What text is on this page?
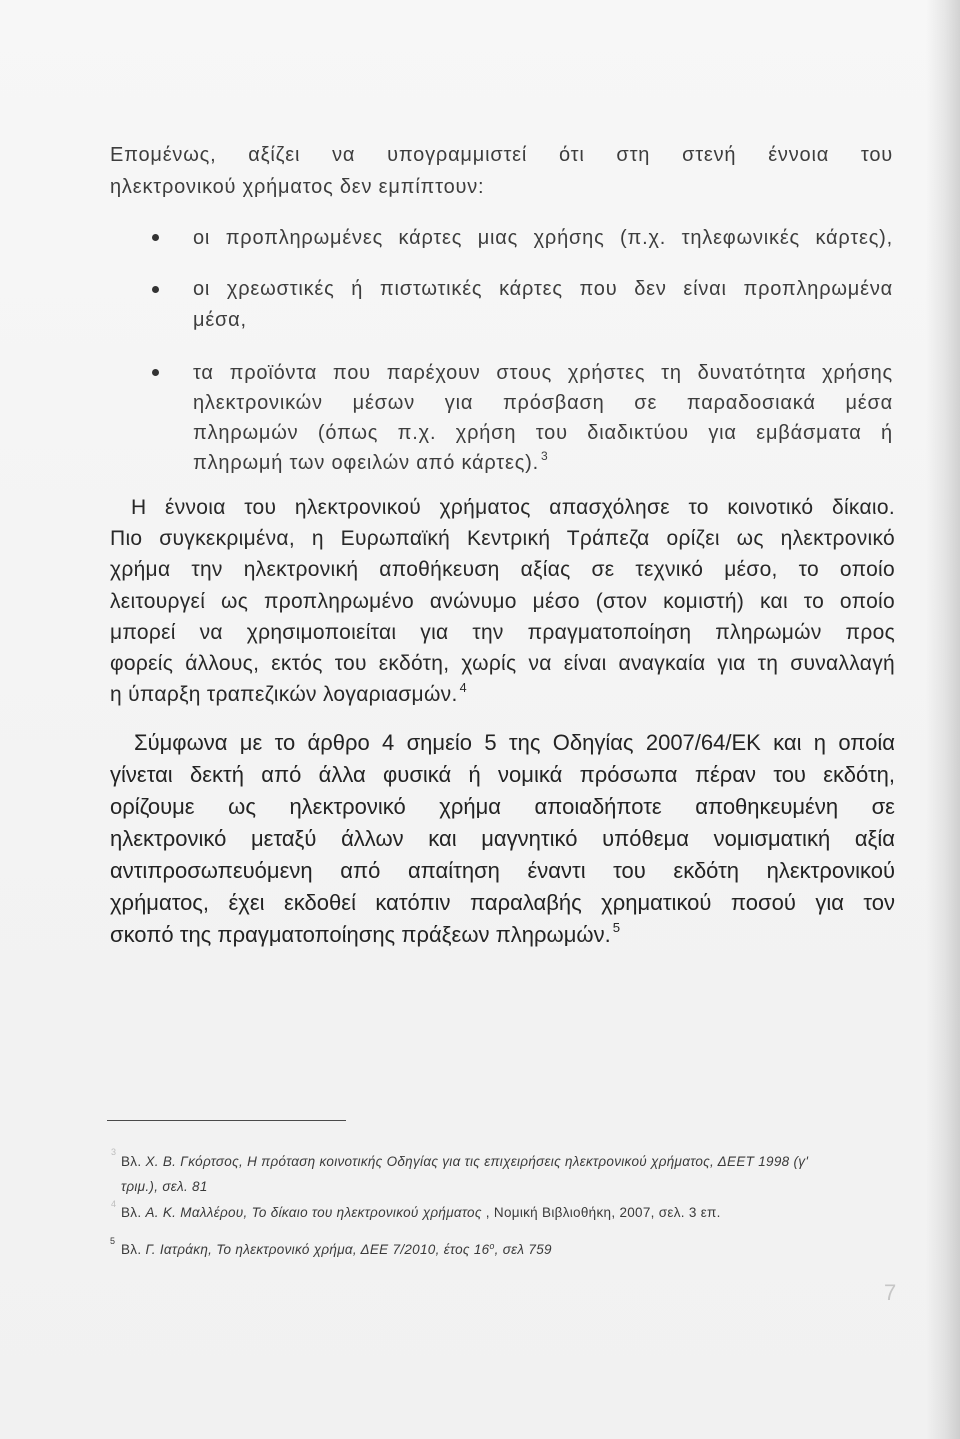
Επομένως, αξίζει να υπογραμμιστεί ότι στη στενή έννοια του
ηλεκτρονικού χρήματος δεν εμπίπτουν:
οι προπληρωμένες κάρτες μιας χρήσης (π.χ. τηλεφωνικές κάρτες),
οι χρεωστικές ή πιστωτικές κάρτες που δεν είναι προπληρωμένα
μέσα,
τα προϊόντα που παρέχουν στους χρήστες τη δυνατότητα χρήσης
ηλεκτρονικών μέσων για πρόσβαση σε παραδοσιακά μέσα
πληρωμών (όπως π.χ. χρήση του διαδικτύου για εμβάσματα ή
πληρωμή των οφειλών από κάρτες). $^3$
Η έννοια του ηλεκτρονικού χρήματος απασχόλησε το κοινοτικό δίκαιο.
Πιο συγκεκριμένα, η Ευρωπαϊκή Κεντρική Τράπεζα ορίζει ως ηλεκτρονικό
χρήμα την ηλεκτρονική αποθήκευση αξίας σε τεχνικό μέσο, το οποίο
λειτουργεί ως προπληρωμένο ανώνυμο μέσο (στον κομιστή) και το οποίο
μπορεί να χρησιμοποιείται για την πραγματοποίηση πληρωμών προς
φορείς άλλους, εκτός του εκδότη, χωρίς να είναι αναγκαία για τη συναλλαγή
η ύπαρξη τραπεζικών λογαριασμών. $^4$
Σύμφωνα με το άρθρο 4 σημείο 5 της Οδηγίας 2007/64/ΕΚ και η οποία
γίνεται δεκτή από άλλα φυσικά ή νομικά πρόσωπα πέραν του εκδότη,
ορίζουμε ως ηλεκτρονικό χρήμα αποιαδήποτε αποθηκευμένη σε
ηλεκτρονικό μεταξύ άλλων και μαγνητικό υπόθεμα νομισματική αξία
αντιπροσωπευόμενη από απαίτηση έναντι του εκδότη ηλεκτρονικού
χρήματος, έχει εκδοθεί κατόπιν παραλαβής χρηματικού ποσού για τον
σκοπό της πραγματοποίησης πράξεων πληρωμών. $^5$
3
Βλ. Χ. Β. Γκόρτσος, Η πρόταση κοινοτικής Οδηγίας για τις επιχειρήσεις ηλεκτρονικού χρήματος, ΔΕΕΤ 1998 (γ'
τριμ.), σελ. 81
4
Βλ. Α. Κ. Μαλλέρου, Το δίκαιο του ηλεκτρονικού χρήματος , Νομική Βιβλιοθήκη, 2007, σελ. 3 επ.
5
Βλ. Γ. Ιατράκη, Το ηλεκτρονικό χρήμα, ΔΕΕ 7/2010, έτος $16^o$, σελ 759
7
